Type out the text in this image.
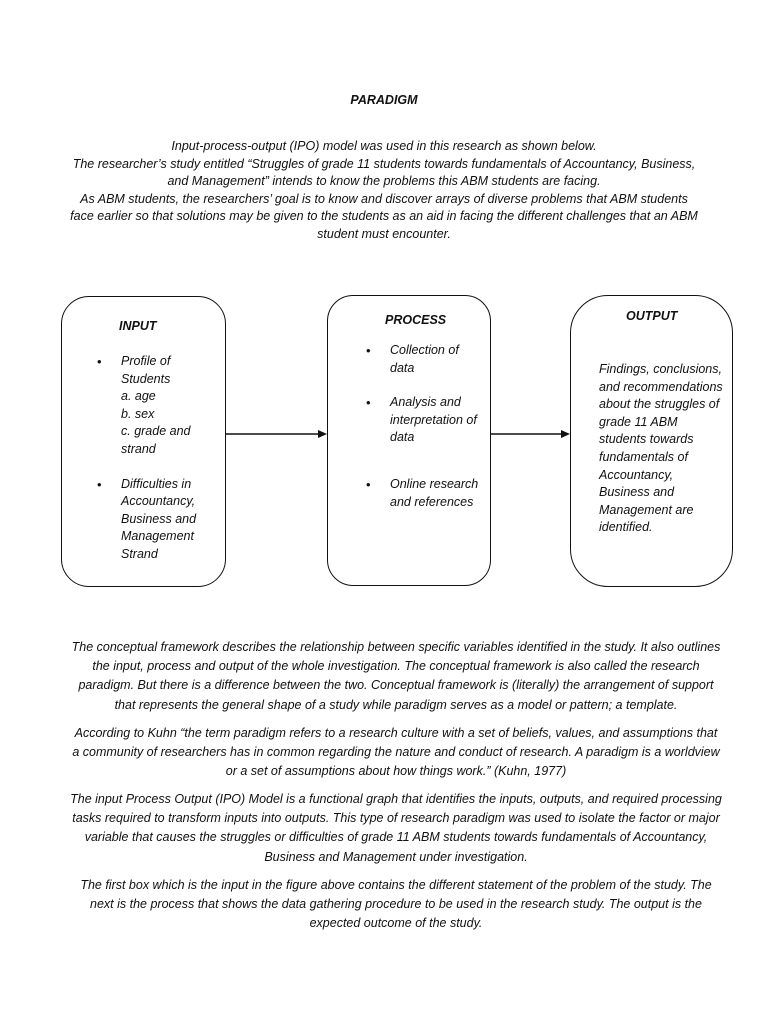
PARADIGM

Input-process-output (IPO) model was used in this research as shown below.

The researcher’s study entitled “Struggles of grade 11 students towards fundamentals of Accountancy, Business, and Management” intends to know the problems this ABM students are facing.

As ABM students, the researchers’ goal is to know and discover arrays of diverse problems that ABM students face earlier so that solutions may be given to the students as an aid in facing the different challenges that an ABM student must encounter.

INPUT
• Profile of Students
a. age
b. sex
c. grade and strand
• Difficulties in Accountancy, Business and Management Strand
PROCESS
• Collection of data
• Analysis and interpretation of data
• Online research and references
OUTPUT
Findings, conclusions, and recommendations about the struggles of grade 11 ABM students towards fundamentals of Accountancy, Business and Management are identified.

The conceptual framework describes the relationship between specific variables identified in the study. It also outlines the input, process and output of the whole investigation. The conceptual framework is also called the research paradigm. But there is a difference between the two. Conceptual framework is (literally) the arrangement of support that represents the general shape of a study while paradigm serves as a model or pattern; a template.

According to Kuhn “the term paradigm refers to a research culture with a set of beliefs, values, and assumptions that a community of researchers has in common regarding the nature and conduct of research. A paradigm is a worldview or a set of assumptions about how things work.” (Kuhn, 1977)

The input Process Output (IPO) Model is a functional graph that identifies the inputs, outputs, and required processing tasks required to transform inputs into outputs. This type of research paradigm was used to isolate the factor or major variable that causes the struggles or difficulties of grade 11 ABM students towards fundamentals of Accountancy, Business and Management under investigation.

The first box which is the input in the figure above contains the different statement of the problem of the study. The next is the process that shows the data gathering procedure to be used in the research study. The output is the expected outcome of the study.
